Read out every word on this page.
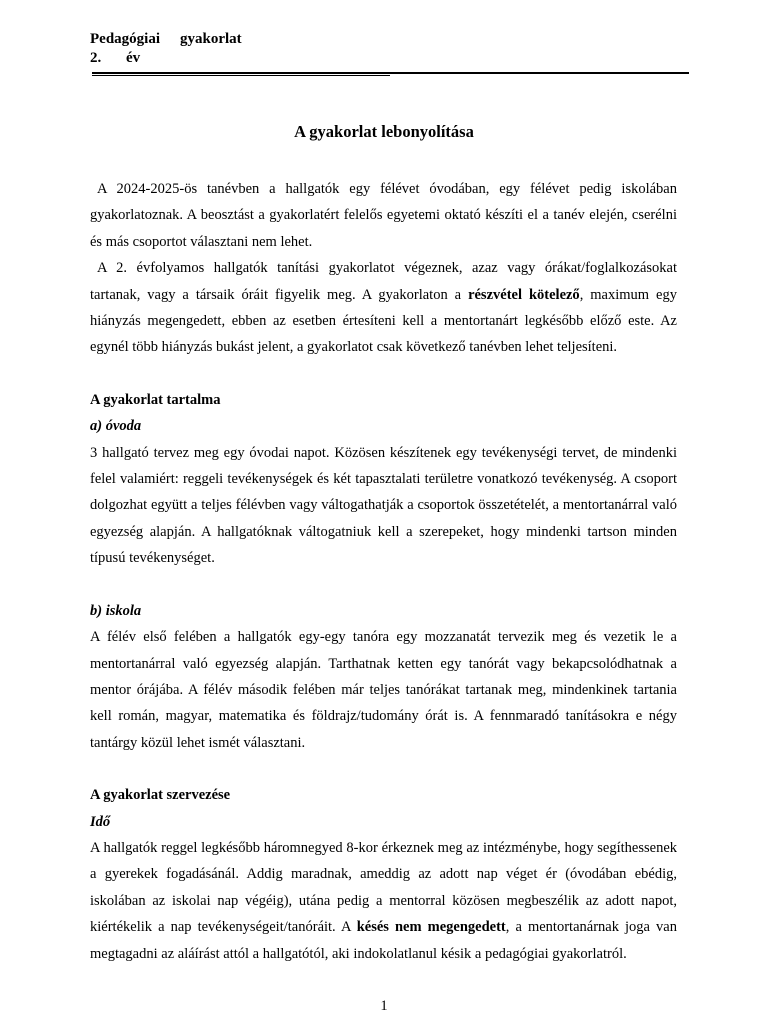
Pedagógiai gyakorlat
2. év
A gyakorlat lebonyolítása

A 2024-2025-ös tanévben a hallgatók egy félévet óvodában, egy félévet pedig iskolában gyakorlatoznak. A beosztást a gyakorlatért felelős egyetemi oktató készíti el a tanév elején, cserélni és más csoportot választani nem lehet.

A 2. évfolyamos hallgatók tanítási gyakorlatot végeznek, azaz vagy órákat/foglalkozásokat tartanak, vagy a társaik óráit figyelik meg. A gyakorlaton a részvétel kötelező, maximum egy hiányzás megengedett, ebben az esetben értesíteni kell a mentortanárt legkésőbb előző este. Az egynél több hiányzás bukást jelent, a gyakorlatot csak következő tanévben lehet teljesíteni.

A gyakorlat tartalma

a) óvoda

3 hallgató tervez meg egy óvodai napot. Közösen készítenek egy tevékenységi tervet, de mindenki felel valamiért: reggeli tevékenységek és két tapasztalati területre vonatkozó tevékenység. A csoport dolgozhat együtt a teljes félévben vagy váltogathatják a csoportok összetételét, a mentortanárral való egyezség alapján. A hallgatóknak váltogatniuk kell a szerepeket, hogy mindenki tartson minden típusú tevékenységet.

b) iskola

A félév első felében a hallgatók egy-egy tanóra egy mozzanatát tervezik meg és vezetik le a mentortanárral való egyezség alapján. Tarthatnak ketten egy tanórát vagy bekapcsolódhatnak a mentor órájába. A félév második felében már teljes tanórákat tartanak meg, mindenkinek tartania kell román, magyar, matematika és földrajz/tudomány órát is. A fennmaradó tanításokra e négy tantárgy közül lehet ismét választani.

A gyakorlat szervezése

Idő

A hallgatók reggel legkésőbb háromnegyed 8-kor érkeznek meg az intézménybe, hogy segíthessenek a gyerekek fogadásánál. Addig maradnak, ameddig az adott nap véget ér (óvodában ebédig, iskolában az iskolai nap végéig), utána pedig a mentorral közösen megbeszélik az adott napot, kiértékelik a nap tevékenységeit/tanóráit. A késés nem megengedett, a mentortanárnak joga van megtagadni az aláírást attól a hallgatótól, aki indokolatlanul késik a pedagógiai gyakorlatról.

1
